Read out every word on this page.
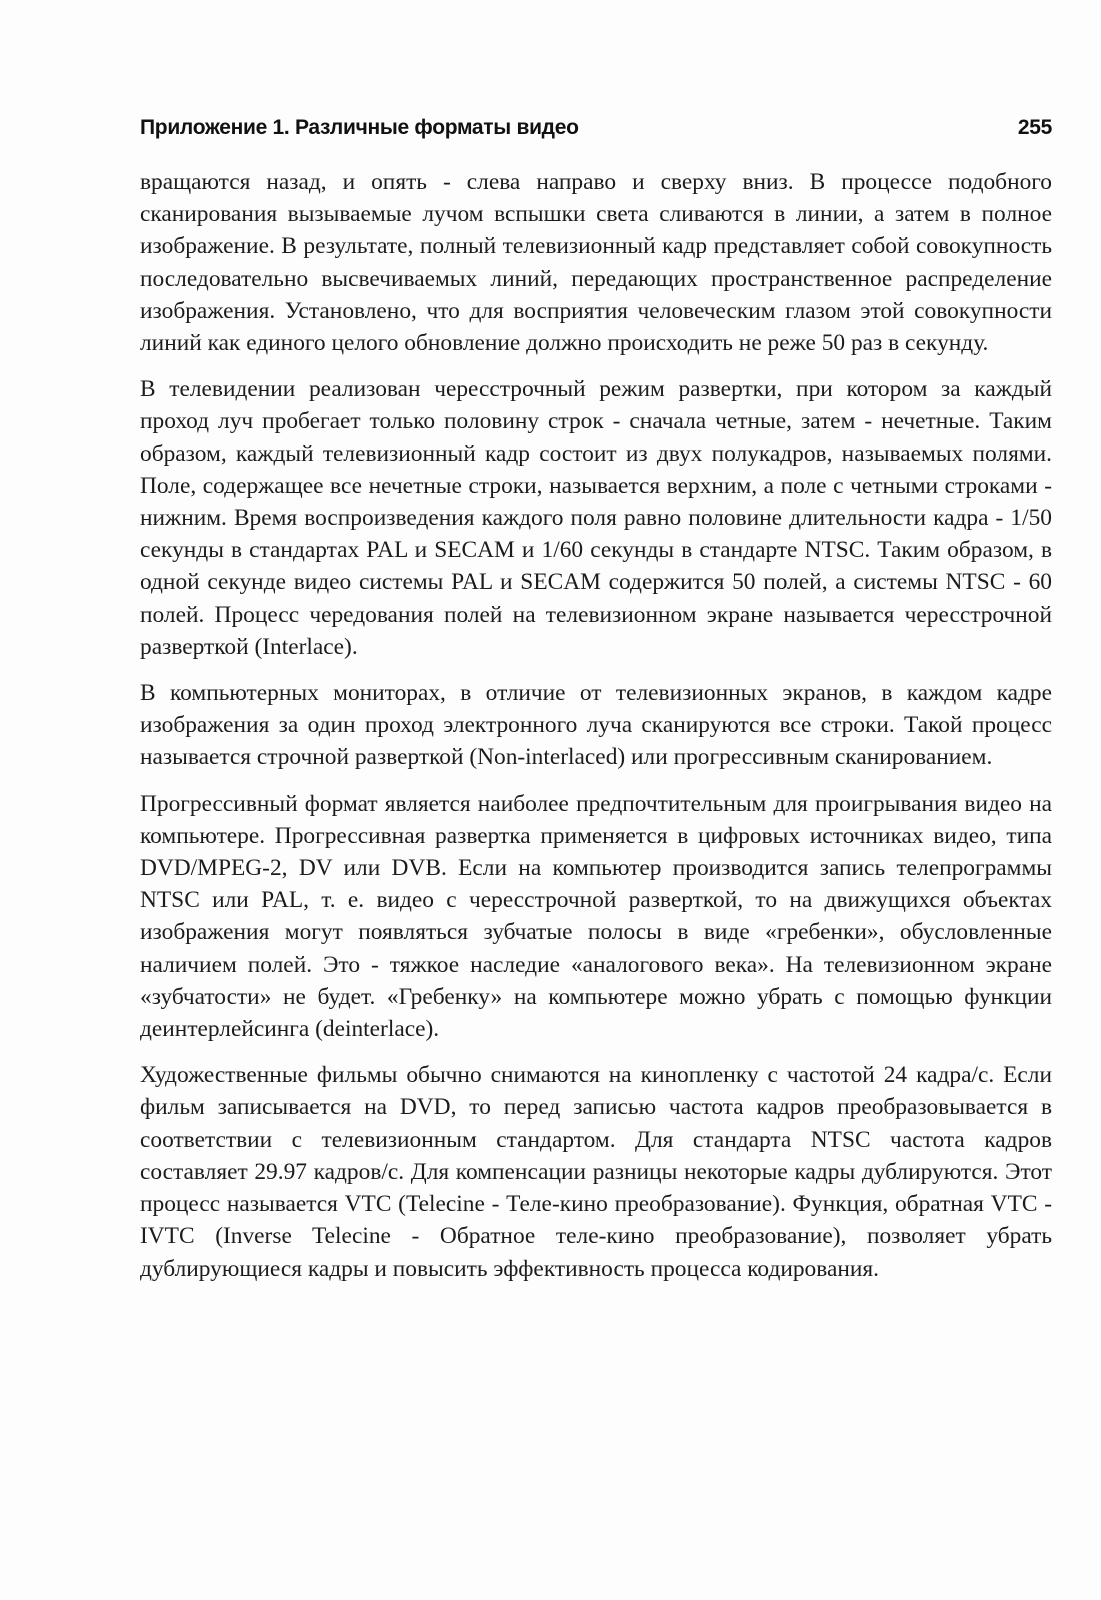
Приложение 1. Различные форматы видео	255

вращаются назад, и опять - слева направо и сверху вниз. В процессе подобного сканирования вызываемые лучом вспышки света сливаются в линии, а затем в полное изображение. В результате, полный телевизионный кадр представляет собой совокупность последовательно высвечиваемых линий, передающих пространственное распределение изображения. Установлено, что для восприятия человеческим глазом этой совокупности линий как единого целого обновление должно происходить не реже 50 раз в секунду.

В телевидении реализован чересстрочный режим развертки, при котором за каждый проход луч пробегает только половину строк - сначала четные, затем - нечетные. Таким образом, каждый телевизионный кадр состоит из двух полукадров, называемых полями. Поле, содержащее все нечетные строки, называется верхним, а поле с четными строками - нижним. Время воспроизведения каждого поля равно половине длительности кадра - 1/50 секунды в стандартах PAL и SECAM и 1/60 секунды в стандарте NTSC. Таким образом, в одной секунде видео системы PAL и SECAM содержится 50 полей, а системы NTSC - 60 полей. Процесс чередования полей на телевизионном экране называется чересстрочной разверткой (Interlace).

В компьютерных мониторах, в отличие от телевизионных экранов, в каждом кадре изображения за один проход электронного луча сканируются все строки. Такой процесс называется строчной разверткой (Non-interlaced) или прогрессивным сканированием.

Прогрессивный формат является наиболее предпочтительным для проигрывания видео на компьютере. Прогрессивная развертка применяется в цифровых источниках видео, типа DVD/MPEG-2, DV или DVB. Если на компьютер производится запись телепрограммы NTSC или PAL, т. е. видео с чересстрочной разверткой, то на движущихся объектах изображения могут появляться зубчатые полосы в виде «гребенки», обусловленные наличием полей. Это - тяжкое наследие «аналогового века». На телевизионном экране «зубчатости» не будет. «Гребенку» на компьютере можно убрать с помощью функции деинтерлейсинга (deinterlace).

Художественные фильмы обычно снимаются на кинопленку с частотой 24 кадра/с. Если фильм записывается на DVD, то перед записью частота кадров преобразовывается в соответствии с телевизионным стандартом. Для стандарта NTSC частота кадров составляет 29.97 кадров/с. Для компенсации разницы некоторые кадры дублируются. Этот процесс называется VTC (Telecine - Теле-кино преобразование). Функция, обратная VTC - IVTC (Inverse Telecine - Обратное теле-кино преобразование), позволяет убрать дублирующиеся кадры и повысить эффективность процесса кодирования.
